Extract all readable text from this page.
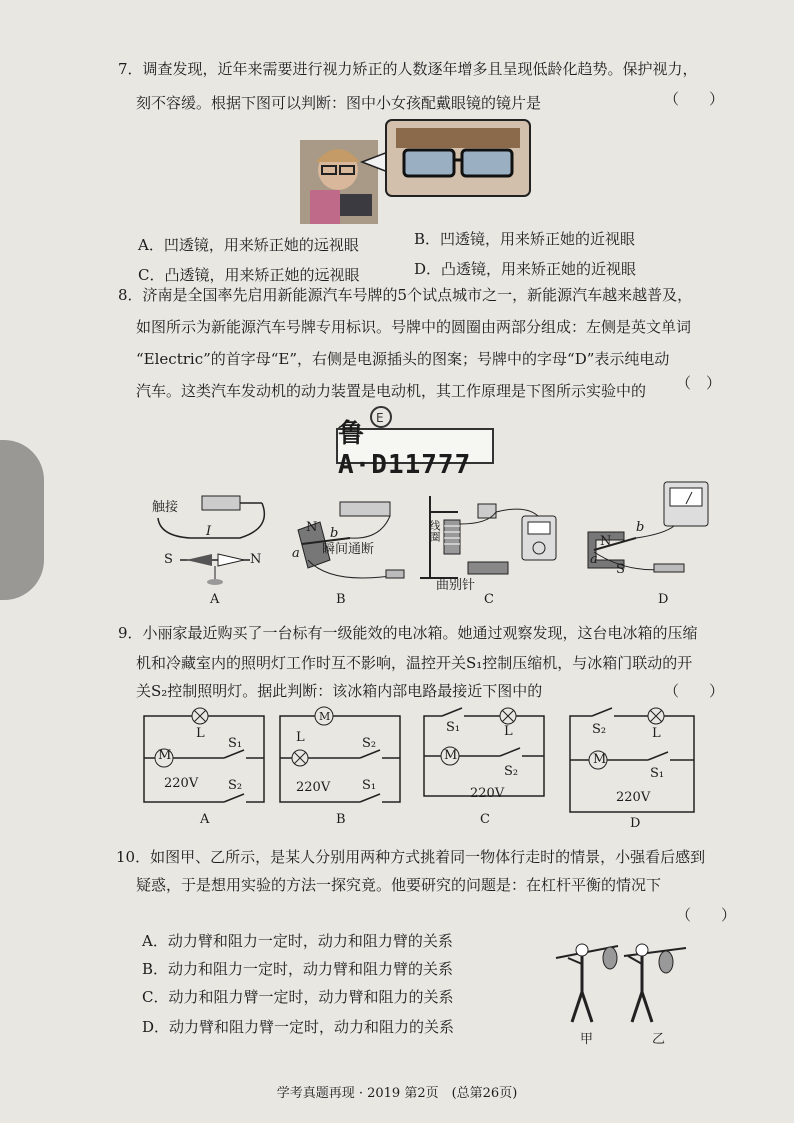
7．调查发现，近年来需要进行视力矫正的人数逐年增多且呈现低龄化趋势。保护视力，
刻不容缓。根据下图可以判断：图中小女孩配戴眼镜的镜片是	（　　）
A．凹透镜，用来矫正她的远视眼	B．凹透镜，用来矫正她的近视眼
C．凸透镜，用来矫正她的远视眼	D．凸透镜，用来矫正她的近视眼
8．济南是全国率先启用新能源汽车号牌的5个试点城市之一，新能源汽车越来越普及，
如图所示为新能源汽车号牌专用标识。号牌中的圆圈由两部分组成：左侧是英文单词
“Electric”的首字母“E”，右侧是电源插头的图案；号牌中的字母“D”表示纯电动
汽车。这类汽车发动机的动力装置是电动机，其工作原理是下图所示实验中的 （　）
E
鲁A·D11777
触接
I
S	N
A
N
a
b
瞬间通断
B
曲别针
线圈
C
a
b
N
S
D
9．小丽家最近购买了一台标有一级能效的电冰箱。她通过观察发现，这台电冰箱的压缩
机和冷藏室内的照明灯工作时互不影响，温控开关S₁控制压缩机，与冰箱门联动的开
关S₂控制照明灯。据此判断：该冰箱内部电路最接近下图中的	（　　）
M
L
S₁
S₂
220V
A
M
L	S₂
S₁
220V
B
S₁	L
M
S₂
220V
C
S₂	L
M
S₁
220V
D
10．如图甲、乙所示，是某人分别用两种方式挑着同一物体行走时的情景，小强看后感到
疑惑，于是想用实验的方法一探究竟。他要研究的问题是：在杠杆平衡的情况下
（　　）
A．动力臂和阻力一定时，动力和阻力臂的关系
B．动力和阻力一定时，动力臂和阻力臂的关系
C．动力和阻力臂一定时，动力臂和阻力的关系
D．动力臂和阻力臂一定时，动力和阻力的关系
甲	乙
学考真题再现 · 2019 第2页　(总第26页)
